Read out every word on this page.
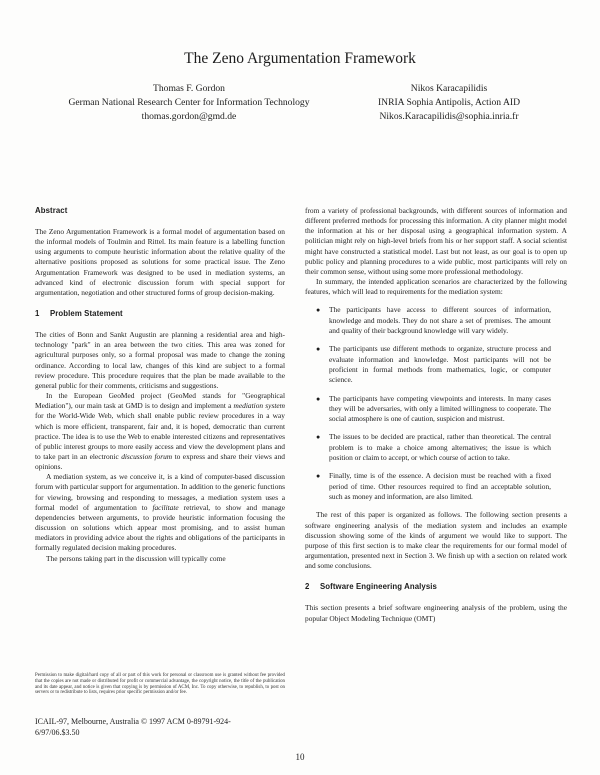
The Zeno Argumentation Framework
Thomas F. Gordon
German National Research Center for Information Technology
thomas.gordon@gmd.de
Nikos Karacapilidis
INRIA Sophia Antipolis, Action AID
Nikos.Karacapilidis@sophia.inria.fr
Abstract

The Zeno Argumentation Framework is a formal model of argumentation based on the informal models of Toulmin and Rittel. Its main feature is a labelling function using arguments to compute heuristic information about the relative quality of the alternative positions proposed as solutions for some practical issue. The Zeno Argumentation Framework was designed to be used in mediation systems, an advanced kind of electronic discussion forum with special support for argumentation, negotiation and other structured forms of group decision-making.

1 Problem Statement

The cities of Bonn and Sankt Augustin are planning a residential area and high-technology "park" in an area between the two cities. This area was zoned for agricultural purposes only, so a formal proposal was made to change the zoning ordinance. According to local law, changes of this kind are subject to a formal review procedure. This procedure requires that the plan be made available to the general public for their comments, criticisms and suggestions.

In the European GeoMed project (GeoMed stands for "Geographical Mediation"), our main task at GMD is to design and implement a mediation system for the World-Wide Web, which shall enable public review procedures in a way which is more efficient, transparent, fair and, it is hoped, democratic than current practice. The idea is to use the Web to enable interested citizens and representatives of public interest groups to more easily access and view the development plans and to take part in an electronic discussion forum to express and share their views and opinions.

A mediation system, as we conceive it, is a kind of computer-based discussion forum with particular support for argumentation. In addition to the generic functions for viewing, browsing and responding to messages, a mediation system uses a formal model of argumentation to facilitate retrieval, to show and manage dependencies between arguments, to provide heuristic information focusing the discussion on solutions which appear most promising, and to assist human mediators in providing advice about the rights and obligations of the participants in formally regulated decision making procedures.

The persons taking part in the discussion will typically come

Permission to make digital/hard copy of all or part of this work for personal or classroom use is granted without fee provided that the copies are not made or distributed for profit or commercial advantage, the copyright notice, the title of the publication and its date appear, and notice is given that copying is by permission of ACM, Inc. To copy otherwise, to republish, to post on servers or to redistribute to lists, requires prior specific permission and/or fee.
ICAIL-97, Melbourne, Australia © 1997 ACM 0-89791-924-
6/97/06.$3.50

from a variety of professional backgrounds, with different sources of information and different preferred methods for processing this information. A city planner might model the information at his or her disposal using a geographical information system. A politician might rely on high-level briefs from his or her support staff. A social scientist might have constructed a statistical model. Last but not least, as our goal is to open up public policy and planning procedures to a wide public, most participants will rely on their common sense, without using some more professional methodology.

In summary, the intended application scenarios are characterized by the following features, which will lead to requirements for the mediation system:

● The participants have access to different sources of information, knowledge and models. They do not share a set of premises. The amount and quality of their background knowledge will vary widely.
● The participants use different methods to organize, structure process and evaluate information and knowledge. Most participants will not be proficient in formal methods from mathematics, logic, or computer science.
● The participants have competing viewpoints and interests. In many cases they will be adversaries, with only a limited willingness to cooperate. The social atmosphere is one of caution, suspicion and mistrust.
● The issues to be decided are practical, rather than theoretical. The central problem is to make a choice among alternatives; the issue is which position or claim to accept, or which course of action to take.
● Finally, time is of the essence. A decision must be reached with a fixed period of time. Other resources required to find an acceptable solution, such as money and information, are also limited.

The rest of this paper is organized as follows. The following section presents a software engineering analysis of the mediation system and includes an example discussion showing some of the kinds of argument we would like to support. The purpose of this first section is to make clear the requirements for our formal model of argumentation, presented next in Section 3. We finish up with a section on related work and some conclusions.

2 Software Engineering Analysis

This section presents a brief software engineering analysis of the problem, using the popular Object Modeling Technique (OMT)

10
